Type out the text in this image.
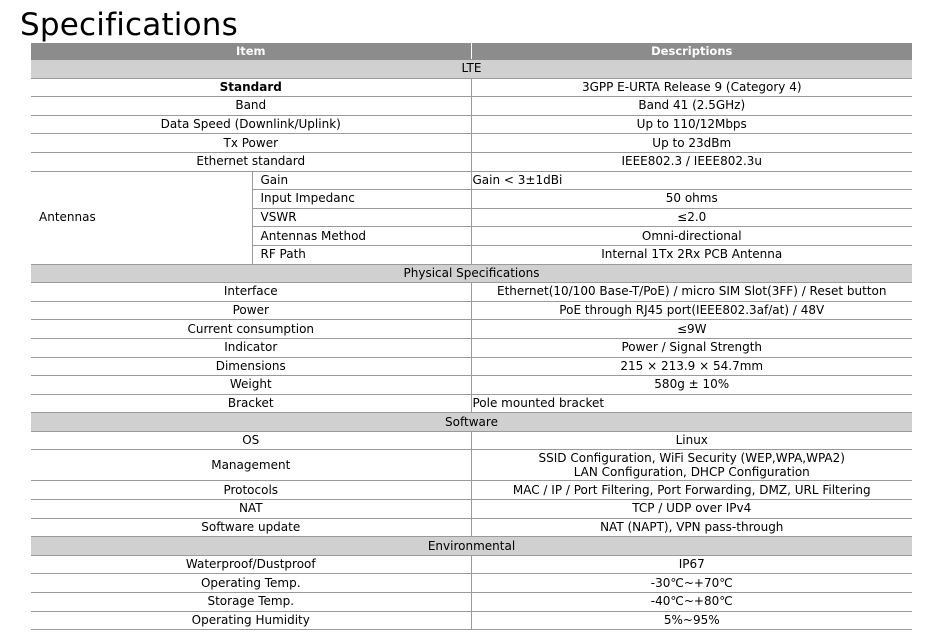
Specifications
Item		Descriptions
LTE		
Standard		3GPP E-URTA Release 9 (Category 4)
Band		Band 41 (2.5GHz)
Data Speed (Downlink/Uplink)		Up to 110/12Mbps
Tx Power		Up to 23dBm
Ethernet standard		IEEE802.3 / IEEE802.3u
Antennas	Gain	Gain < 3±1dBi
	Input Impedanc	50 ohms
	VSWR	≤2.0
	Antennas Method	Omni-directional
	RF Path	Internal 1Tx 2Rx PCB Antenna
Physical Specifications		
Interface		Ethernet(10/100 Base-T/PoE) / micro SIM Slot(3FF) / Reset button
Power		PoE through RJ45 port(IEEE802.3af/at) / 48V
Current consumption		≤9W
Indicator		Power / Signal Strength
Dimensions		215 × 213.9 × 54.7mm
Weight		580g ± 10%
Bracket		Pole mounted bracket
Software		
OS		Linux
Management		SSID Configuration, WiFi Security (WEP,WPA,WPA2)
LAN Configuration, DHCP Configuration

Protocols		MAC / IP / Port Filtering, Port Forwarding, DMZ, URL Filtering
NAT		TCP / UDP over IPv4
Software update		NAT (NAPT), VPN pass-through
Environmental		
Waterproof/Dustproof		IP67
Operating Temp.		-30℃~+70℃
Storage Temp.		-40℃~+80℃
Operating Humidity		5%~95%
